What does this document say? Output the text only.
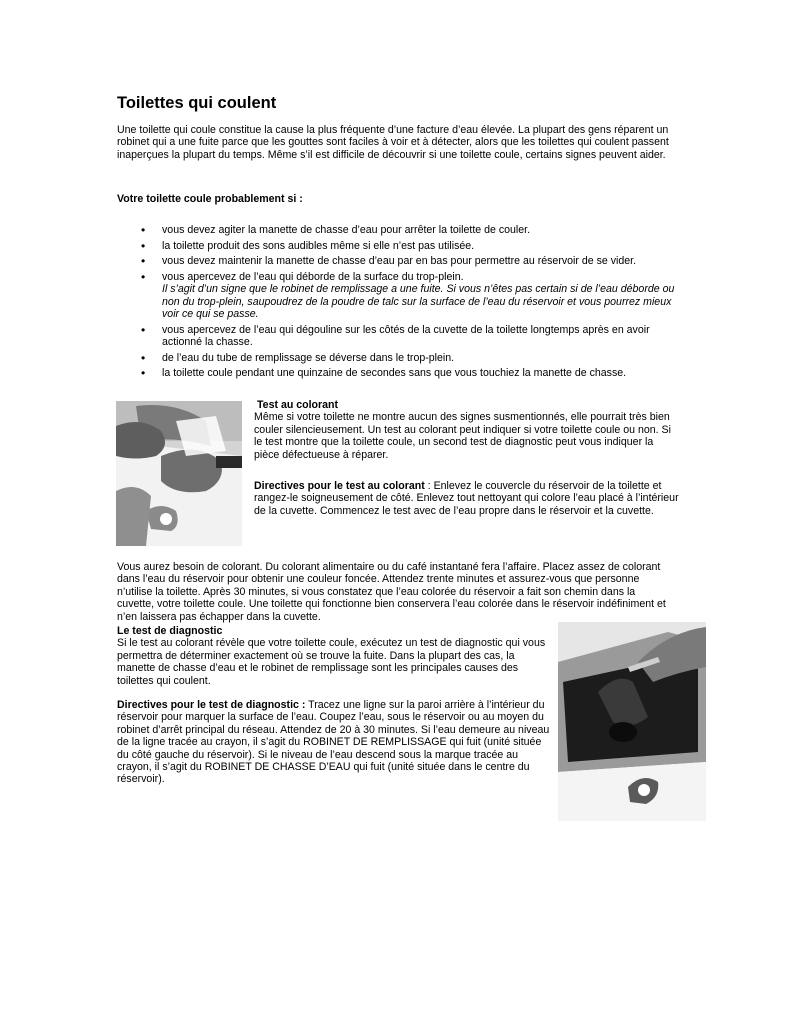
Toilettes qui coulent

Une toilette qui coule constitue la cause la plus fréquente d’une facture d’eau élevée. La plupart des gens réparent un robinet qui a une fuite parce que les gouttes sont faciles à voir et à détecter, alors que les toilettes qui coulent passent inaperçues la plupart du temps. Même s’il est difficile de découvrir si une toilette coule, certains signes peuvent aider.

Votre toilette coule probablement si :

• vous devez agiter la manette de chasse d’eau pour arrêter la toilette de couler.
• la toilette produit des sons audibles même si elle n’est pas utilisée.
• vous devez maintenir la manette de chasse d’eau par en bas pour permettre au réservoir de se vider.
• vous apercevez de l’eau qui déborde de la surface du trop-plein.
Il s’agit d’un signe que le robinet de remplissage a une fuite. Si vous n’êtes pas certain si de l’eau déborde ou non du trop-plein, saupoudrez de la poudre de talc sur la surface de l’eau du réservoir et vous pourrez mieux voir ce qui se passe.
• vous apercevez de l’eau qui dégouline sur les côtés de la cuvette de la toilette longtemps après en avoir actionné la chasse.
• de l’eau du tube de remplissage se déverse dans le trop-plein.
• la toilette coule pendant une quinzaine de secondes sans que vous touchiez la manette de chasse.
Test au colorant
Même si votre toilette ne montre aucun des signes susmentionnés, elle pourrait très bien couler silencieusement. Un test au colorant peut indiquer si votre toilette coule ou non. Si le test montre que la toilette coule, un second test de diagnostic peut vous indiquer la pièce défectueuse à réparer.

Directives pour le test au colorant : Enlevez le couvercle du réservoir de la toilette et rangez-le soigneusement de côté. Enlevez tout nettoyant qui colore l’eau placé à l’intérieur de la cuvette. Commencez le test avec de l’eau propre dans le réservoir et la cuvette.

Vous aurez besoin de colorant. Du colorant alimentaire ou du café instantané fera l’affaire. Placez assez de colorant dans l’eau du réservoir pour obtenir une couleur foncée. Attendez trente minutes et assurez-vous que personne n’utilise la toilette. Après 30 minutes, si vous constatez que l’eau colorée du réservoir a fait son chemin dans la cuvette, votre toilette coule. Une toilette qui fonctionne bien conservera l’eau colorée dans le réservoir indéfiniment et n’en laissera pas échapper dans la cuvette.

Le test de diagnostic
Si le test au colorant révèle que votre toilette coule, exécutez un test de diagnostic qui vous permettra de déterminer exactement où se trouve la fuite. Dans la plupart des cas, la manette de chasse d’eau et le robinet de remplissage sont les principales causes des toilettes qui coulent.

Directives pour le test de diagnostic : Tracez une ligne sur la paroi arrière à l’intérieur du réservoir pour marquer la surface de l’eau. Coupez l’eau, sous le réservoir ou au moyen du robinet d’arrêt principal du réseau. Attendez de 20 à 30 minutes. Si l’eau demeure au niveau de la ligne tracée au crayon, il s’agit du ROBINET DE REMPLISSAGE qui fuit (unité située du côté gauche du réservoir). Si le niveau de l’eau descend sous la marque tracée au crayon, il s’agit du ROBINET DE CHASSE D’EAU qui fuit (unité située dans le centre du réservoir).
